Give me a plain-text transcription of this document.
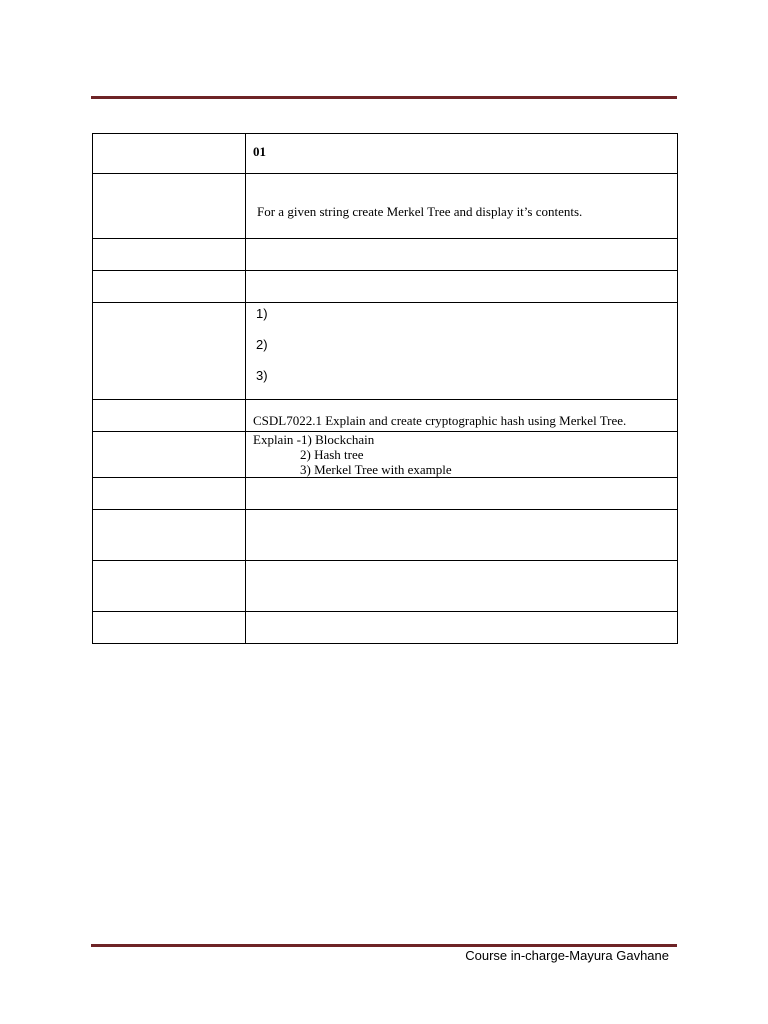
	01
	For a given string create Merkel Tree and display it’s contents.

	1)
2)
3)

	CSDL7022.1 Explain and create cryptographic hash using Merkel Tree.

	Explain -1) Blockchain
2) Hash tree
3) Merkel Tree with example

Course in-charge-Mayura Gavhane
